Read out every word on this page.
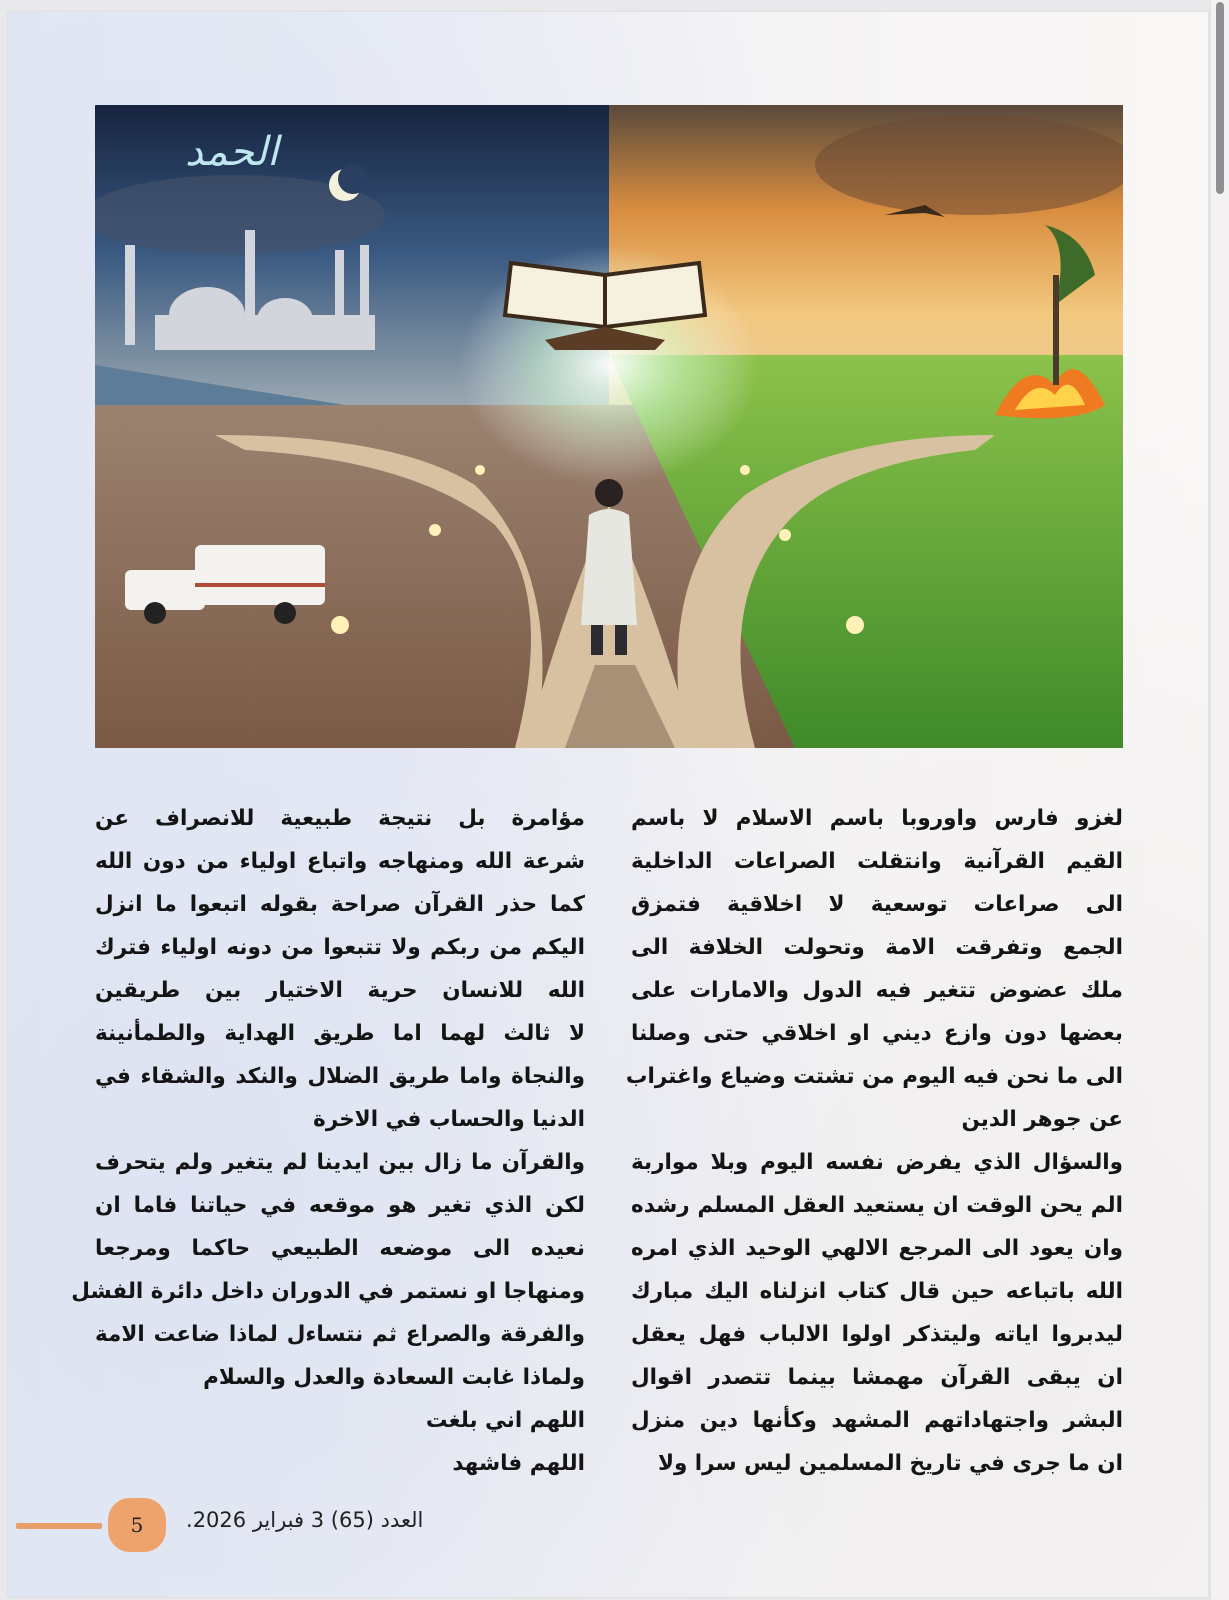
الحمد
لغزو فارس واوروبا باسم الاسلام لا باسم
القيم القرآنية وانتقلت الصراعات الداخلية
الى صراعات توسعية لا اخلاقية فتمزق
الجمع وتفرقت الامة وتحولت الخلافة الى
ملك عضوض تتغير فيه الدول والامارات على
بعضها دون وازع ديني او اخلاقي حتى وصلنا
الى ما نحن فيه اليوم من تشتت وضياع واغتراب
عن جوهر الدين
والسؤال الذي يفرض نفسه اليوم وبلا مواربة
الم يحن الوقت ان يستعيد العقل المسلم رشده
وان يعود الى المرجع الالهي الوحيد الذي امره
الله باتباعه حين قال كتاب انزلناه اليك مبارك
ليدبروا اياته وليتذكر اولوا الالباب فهل يعقل
ان يبقى القرآن مهمشا بينما تتصدر اقوال
البشر واجتهاداتهم المشهد وكأنها دين منزل
ان ما جرى في تاريخ المسلمين ليس سرا ولا
مؤامرة بل نتيجة طبيعية للانصراف عن
شرعة الله ومنهاجه واتباع اولياء من دون الله
كما حذر القرآن صراحة بقوله اتبعوا ما انزل
اليكم من ربكم ولا تتبعوا من دونه اولياء فترك
الله للانسان حرية الاختيار بين طريقين
لا ثالث لهما اما طريق الهداية والطمأنينة
والنجاة واما طريق الضلال والنكد والشقاء في
الدنيا والحساب في الاخرة
والقرآن ما زال بين ايدينا لم يتغير ولم يتحرف
لكن الذي تغير هو موقعه في حياتنا فاما ان
نعيده الى موضعه الطبيعي حاكما ومرجعا
ومنهاجا او نستمر في الدوران داخل دائرة الفشل
والفرقة والصراع ثم نتساءل لماذا ضاعت الامة
ولماذا غابت السعادة والعدل والسلام
اللهم اني بلغت
اللهم فاشهد
5 العدد (65) 3 فبراير 2026.
